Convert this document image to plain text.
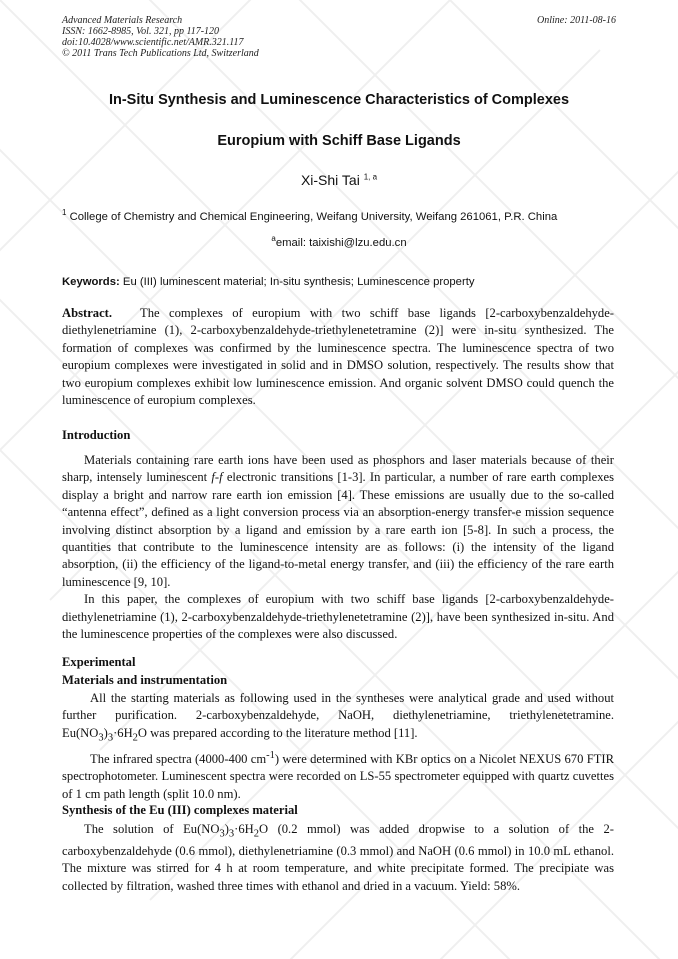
Advanced Materials Research
ISSN: 1662-8985, Vol. 321, pp 117-120
doi:10.4028/www.scientific.net/AMR.321.117
© 2011 Trans Tech Publications Ltd, Switzerland
Online: 2011-08-16
In-Situ Synthesis and Luminescence Characteristics of Complexes
Europium with Schiff Base Ligands
Xi-Shi Tai $^{1, a}$
$^1$ College of Chemistry and Chemical Engineering, Weifang University, Weifang 261061, P.R. China
$^a$email: taixishi@lzu.edu.cn
Keywords: Eu (III) luminescent material; In-situ synthesis; Luminescence property

Abstract. The complexes of europium with two schiff base ligands [2-carboxybenzaldehyde-diethylenetriamine (1), 2-carboxybenzaldehyde-triethylenetetramine (2)] were in-situ synthesized. The formation of complexes was confirmed by the luminescence spectra. The luminescence spectra of two europium complexes were investigated in solid and in DMSO solution, respectively. The results show that two europium complexes exhibit low luminescence emission. And organic solvent DMSO could quench the luminescence of europium complexes.

Introduction

Materials containing rare earth ions have been used as phosphors and laser materials because of their sharp, intensely luminescent f-f electronic transitions [1-3]. In particular, a number of rare earth complexes display a bright and narrow rare earth ion emission [4]. These emissions are usually due to the so-called “antenna effect”, defined as a light conversion process via an absorption-energy transfer-e mission sequence involving distinct absorption by a ligand and emission by a rare earth ion [5-8]. In such a process, the quantities that contribute to the luminescence intensity are as follows: (i) the intensity of the ligand absorption, (ii) the efficiency of the ligand-to-metal energy transfer, and (iii) the efficiency of the rare earth luminescence [9, 10].

In this paper, the complexes of europium with two schiff base ligands [2-carboxybenzaldehyde-diethylenetriamine (1), 2-carboxybenzaldehyde-triethylenetetramine (2)], have been synthesized in-situ. And the luminescence properties of the complexes were also discussed.

Experimental
Materials and instrumentation

All the starting materials as following used in the syntheses were analytical grade and used without further purification. 2-carboxybenzaldehyde, NaOH, diethylenetriamine, triethylenetetramine. $Eu(NO_3)_3\cdot 6H_2O$ was prepared according to the literature method [11].

The infrared spectra (4000-400 $cm^{-1}$) were determined with KBr optics on a Nicolet NEXUS 670 FTIR spectrophotometer. Luminescent spectra were recorded on LS-55 spectrometer equipped with quartz cuvettes of 1 cm path length (split 10.0 nm).

Synthesis of the Eu (III) complexes material

The solution of $Eu(NO_3)_3\cdot 6H_2O$ (0.2 mmol) was added dropwise to a solution of the 2-carboxybenzaldehyde (0.6 mmol), diethylenetriamine (0.3 mmol) and NaOH (0.6 mmol) in 10.0 mL ethanol. The mixture was stirred for 4 h at room temperature, and white precipitate formed. The precipiate was collected by filtration, washed three times with ethanol and dried in a vacuum. Yield: 58%.
